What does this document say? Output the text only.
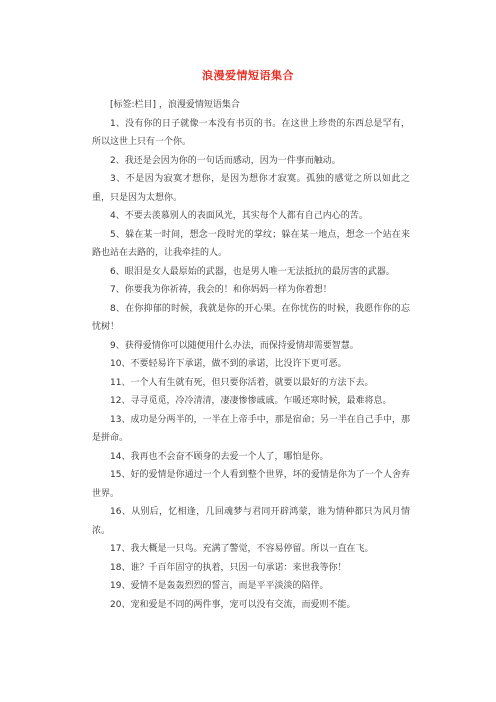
浪漫爱情短语集合

[标签:栏目] ，浪漫爱情短语集合

1、没有你的日子就像一本没有书页的书。在这世上珍贵的东西总是罕有，所以这世上只有一个你。

2、我还是会因为你的一句话而感动，因为一件事而触动。

3、不是因为寂寞才想你，是因为想你才寂寞。孤独的感觉之所以如此之重，只是因为太想你。

4、不要去羡慕别人的表面风光，其实每个人都有自己内心的苦。

5、躲在某一时间，想念一段时光的掌纹；躲在某一地点，想念一个站在来路也站在去路的，让我牵挂的人。

6、眼泪是女人最原始的武器，也是男人唯一无法抵抗的最厉害的武器。

7、你要我为你祈祷，我会的！和你妈妈一样为你着想！

8、在你抑郁的时候，我就是你的开心果。在你忧伤的时候，我愿作你的忘忧树！

9、获得爱情你可以随便用什么办法，而保持爱情却需要智慧。

10、不要轻易许下承诺，做不到的承诺，比没许下更可恶。

11、一个人有生就有死，但只要你活着，就要以最好的方法下去。

12、寻寻觅觅，冷冷清清，凄凄惨惨戚戚。乍暖还寒时候，最难将息。

13、成功是分两半的，一半在上帝手中，那是宿命；另一半在自己手中，那是拼命。

14、我再也不会奋不顾身的去爱一个人了，哪怕是你。

15、好的爱情是你通过一个人看到整个世界，坏的爱情是你为了一个人舍弃世界。

16、从别后，忆相逢，几回魂梦与君同开辟鸿蒙，谁为情种都只为风月情浓。

17、我大概是一只鸟。充满了警觉，不容易停留。所以一直在飞。

18、谁？千百年固守的执着，只因一句承诺：来世我等你！

19、爱情不是轰轰烈烈的誓言，而是平平淡淡的陪伴。

20、宠和爱是不同的两件事，宠可以没有交流，而爱则不能。
